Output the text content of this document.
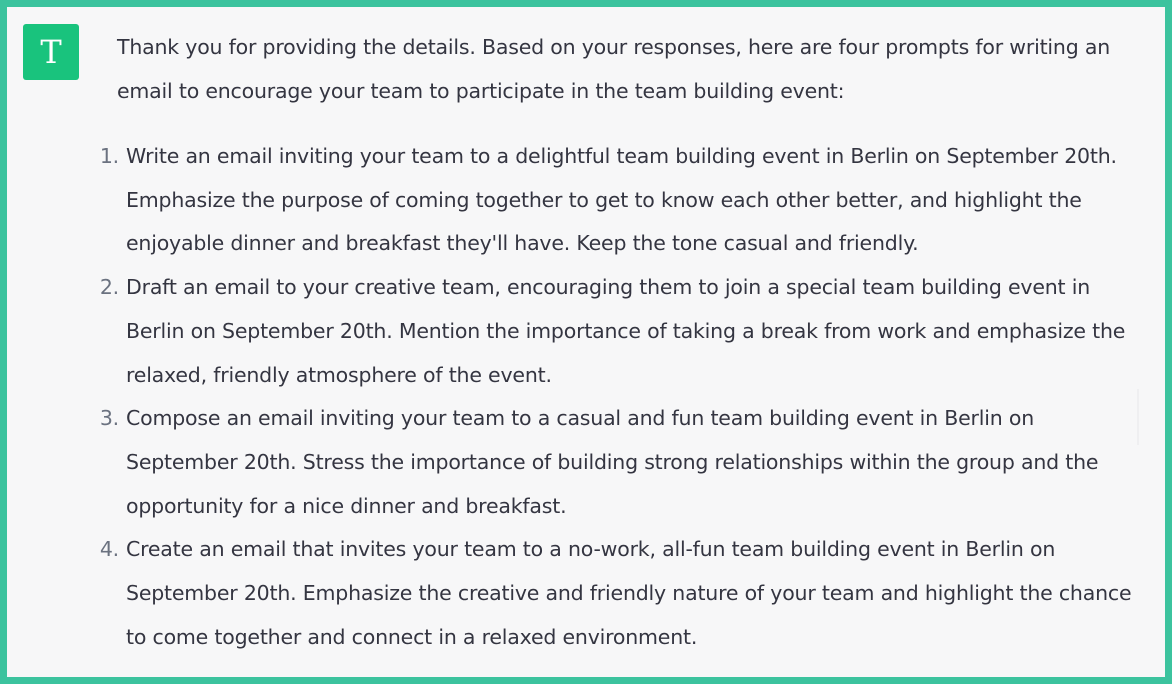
T	Thank you for providing the details. Based on your responses, here are four prompts for writing an email to encourage your team to participate in the team building event:

1. Write an email inviting your team to a delightful team building event in Berlin on September 20th. Emphasize the purpose of coming together to get to know each other better, and highlight the enjoyable dinner and breakfast they'll have. Keep the tone casual and friendly.
2. Draft an email to your creative team, encouraging them to join a special team building event in Berlin on September 20th. Mention the importance of taking a break from work and emphasize the relaxed, friendly atmosphere of the event.
3. Compose an email inviting your team to a casual and fun team building event in Berlin on September 20th. Stress the importance of building strong relationships within the group and the opportunity for a nice dinner and breakfast.
4. Create an email that invites your team to a no-work, all-fun team building event in Berlin on September 20th. Emphasize the creative and friendly nature of your team and highlight the chance to come together and connect in a relaxed environment.
